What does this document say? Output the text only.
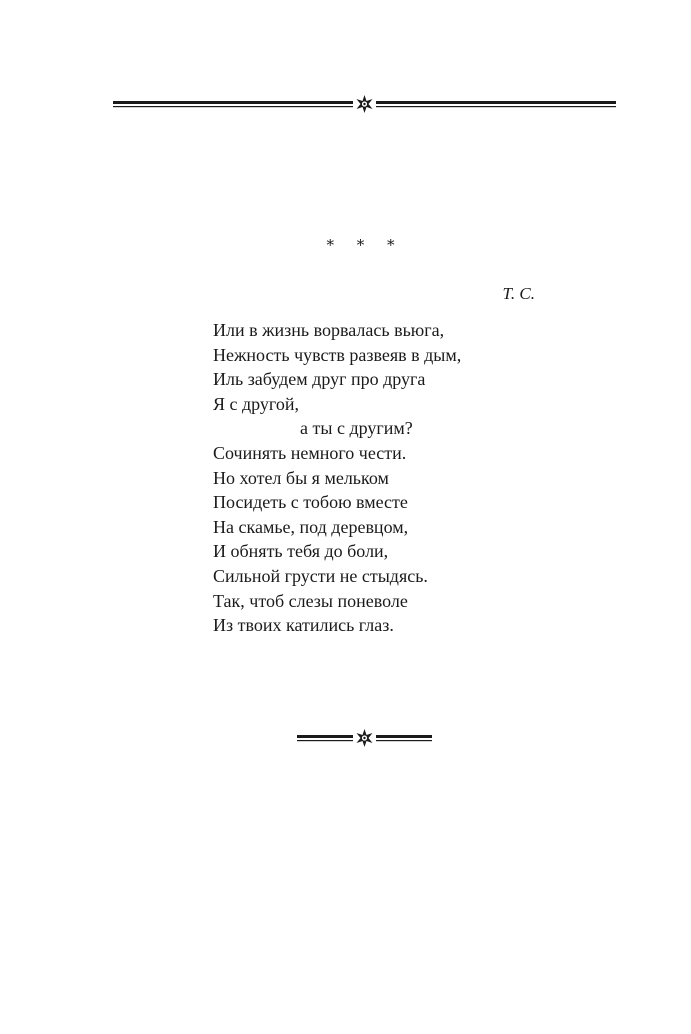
* * *
Т. С.
Или в жизнь ворвалась вьюга,
Нежность чувств развеяв в дым,
Иль забудем друг про друга
Я с другой,
а ты с другим?
Сочинять немного чести.
Но хотел бы я мельком
Посидеть с тобою вместе
На скамье, под деревцом,
И обнять тебя до боли,
Сильной грусти не стыдясь.
Так, чтоб слезы поневоле
Из твоих катились глаз.
